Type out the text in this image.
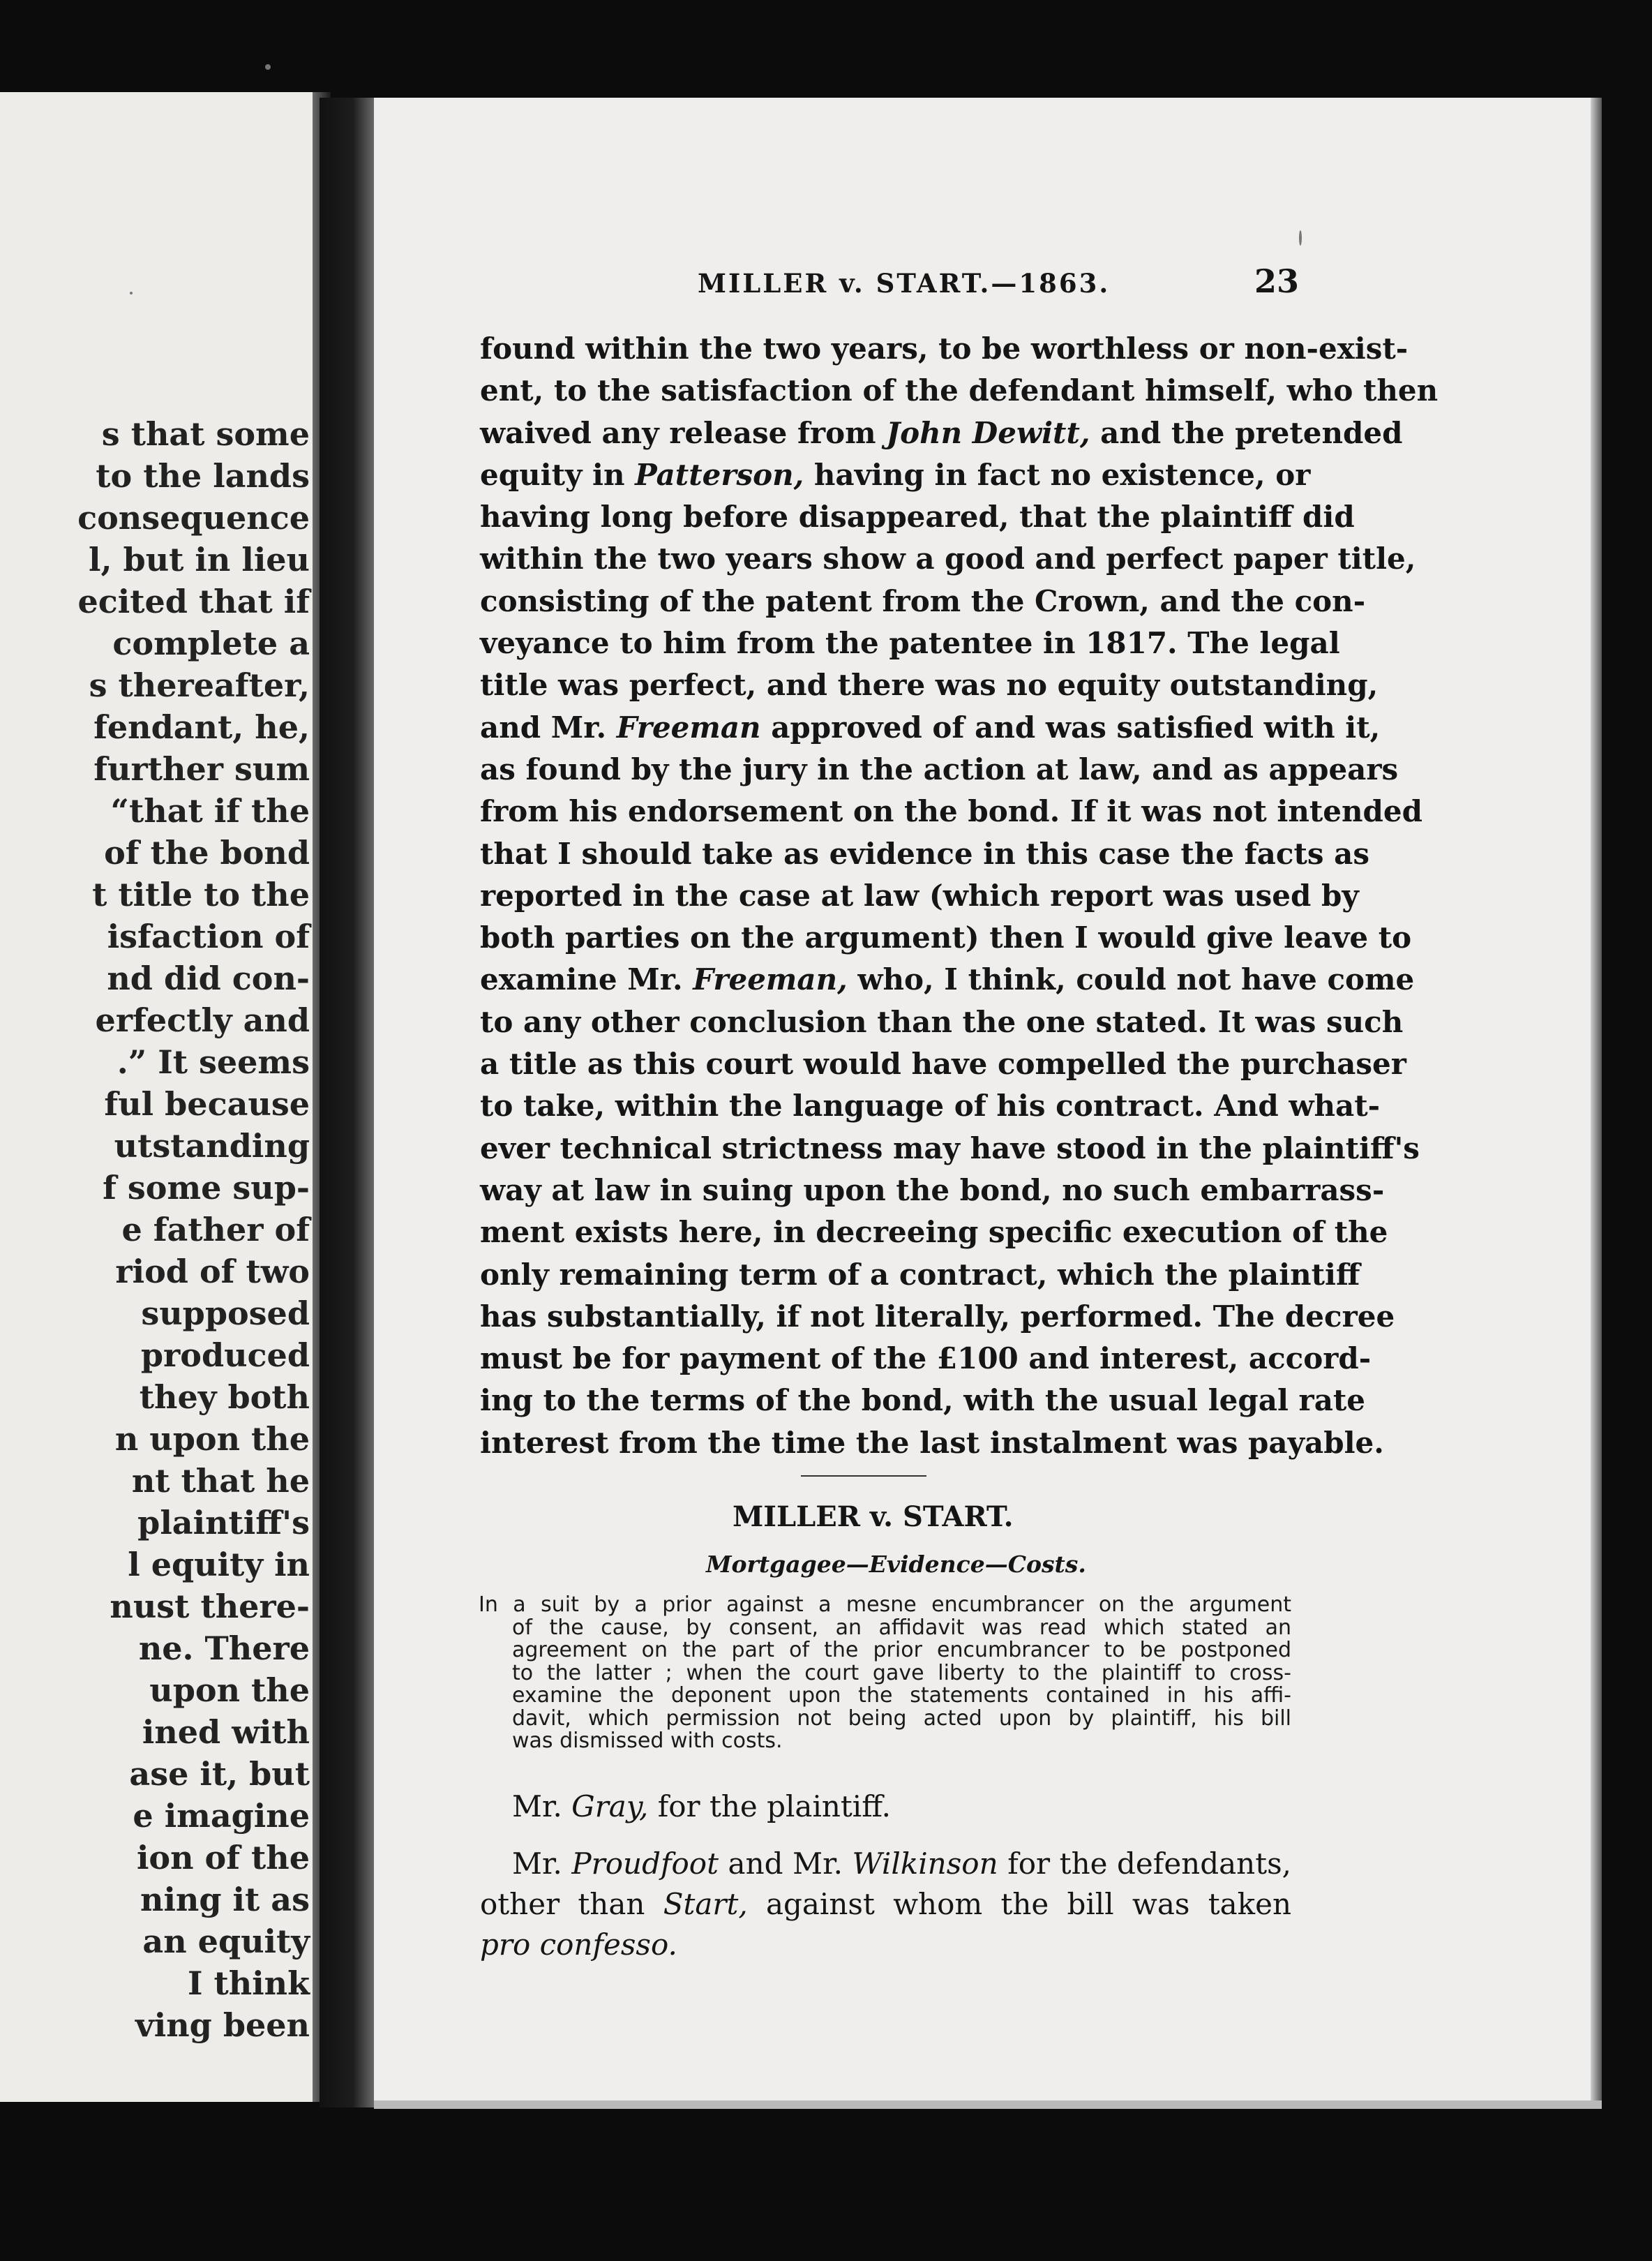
s that some
to the lands
consequence
l, but in lieu
ecited that if
complete a
s thereafter,
fendant, he,
further sum
“that if the
of the bond
t title to the
isfaction of
nd did con-
erfectly and
.” It seems
ful because
utstanding
f some sup-
e father of
riod of two
supposed
produced
they both
n upon the
nt that he
plaintiff's
l equity in
nust there-
ne. There
upon the
ined with
ase it, but
e imagine
ion of the
ning it as
an equity
I think
ving been
MILLER v. START.—1863.	23
found within the two years, to be worthless or non-exist-
ent, to the satisfaction of the defendant himself, who then
waived any release from John Dewitt, and the pretended
equity in Patterson, having in fact no existence, or
having long before disappeared, that the plaintiff did
within the two years show a good and perfect paper title,
consisting of the patent from the Crown, and the con-
veyance to him from the patentee in 1817. The legal
title was perfect, and there was no equity outstanding,
and Mr. Freeman approved of and was satisfied with it,
as found by the jury in the action at law, and as appears
from his endorsement on the bond. If it was not intended
that I should take as evidence in this case the facts as
reported in the case at law (which report was used by
both parties on the argument) then I would give leave to
examine Mr. Freeman, who, I think, could not have come
to any other conclusion than the one stated. It was such
a title as this court would have compelled the purchaser
to take, within the language of his contract. And what-
ever technical strictness may have stood in the plaintiff's
way at law in suing upon the bond, no such embarrass-
ment exists here, in decreeing specific execution of the
only remaining term of a contract, which the plaintiff
has substantially, if not literally, performed. The decree
must be for payment of the £100 and interest, accord-
ing to the terms of the bond, with the usual legal rate
interest from the time the last instalment was payable.
MILLER v. START.
Mortgagee—Evidence—Costs.
In a suit by a prior against a mesne encumbrancer on the argument
of the cause, by consent, an affidavit was read which stated an
agreement on the part of the prior encumbrancer to be postponed
to the latter ; when the court gave liberty to the plaintiff to cross-
examine the deponent upon the statements contained in his affi-
davit, which permission not being acted upon by plaintiff, his bill
was dismissed with costs.
Mr. Gray, for the plaintiff.
Mr. Proudfoot and Mr. Wilkinson for the defendants,
other than Start, against whom the bill was taken
pro confesso.
